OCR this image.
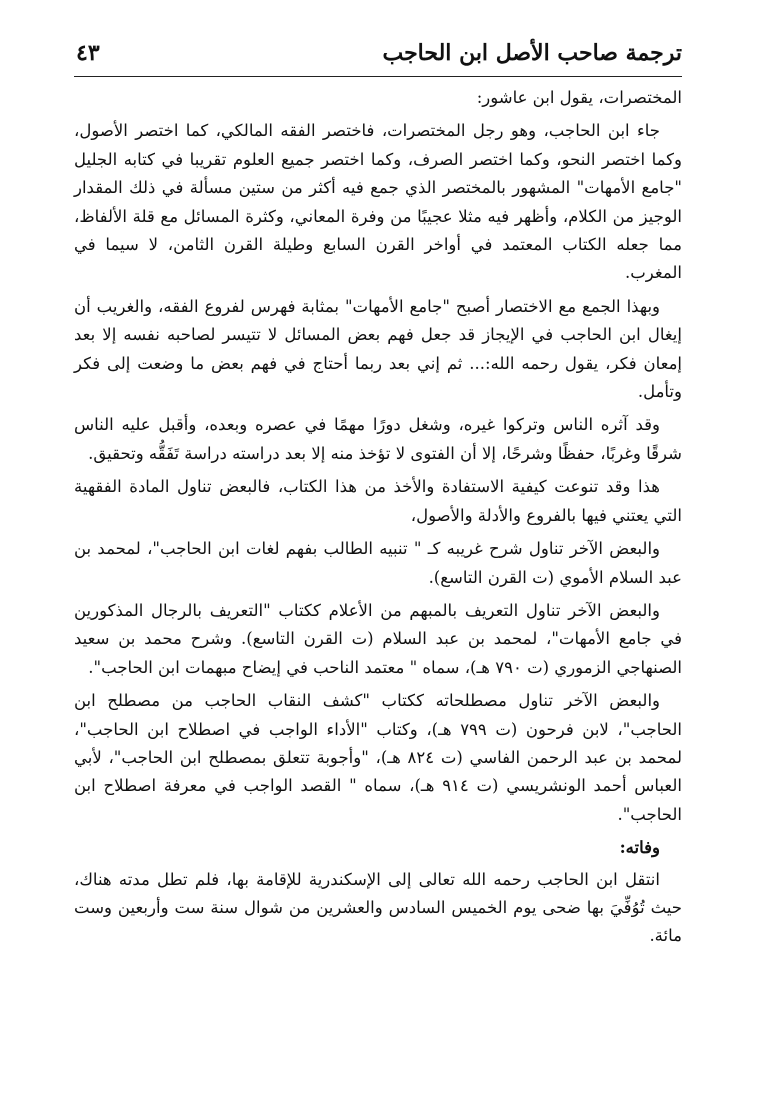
ترجمة صاحب الأصل ابن الحاجب
٤٣

المختصرات، يقول ابن عاشور:

جاء ابن الحاجب، وهو رجل المختصرات، فاختصر الفقه المالكي، كما اختصر الأصول، وكما اختصر النحو، وكما اختصر الصرف، وكما اختصر جميع العلوم تقريبا في كتابه الجليل "جامع الأمهات" المشهور بالمختصر الذي جمع فيه أكثر من ستين مسألة في ذلك المقدار الوجيز من الكلام، وأظهر فيه مثلا عجيبًا من وفرة المعاني، وكثرة المسائل مع قلة الألفاظ، مما جعله الكتاب المعتمد في أواخر القرن السابع وطيلة القرن الثامن، لا سيما في المغرب.

وبهذا الجمع مع الاختصار أصبح "جامع الأمهات" بمثابة فهرس لفروع الفقه، والغريب أن إيغال ابن الحاجب في الإيجاز قد جعل فهم بعض المسائل لا تتيسر لصاحبه نفسه إلا بعد إمعان فكر، يقول رحمه الله:... ثم إني بعد ربما أحتاج في فهم بعض ما وضعت إلى فكر وتأمل.

وقد آثره الناس وتركوا غيره، وشغل دورًا مهمًا في عصره وبعده، وأقبل عليه الناس شرقًا وغربًا، حفظًا وشرحًا، إلا أن الفتوى لا تؤخذ منه إلا بعد دراسته دراسة تَفَقُّه وتحقيق.

هذا وقد تنوعت كيفية الاستفادة والأخذ من هذا الكتاب، فالبعض تناول المادة الفقهية التي يعتني فيها بالفروع والأدلة والأصول،

والبعض الآخر تناول شرح غريبه كـ " تنبيه الطالب بفهم لغات ابن الحاجب"، لمحمد بن عبد السلام الأموي (ت القرن التاسع).

والبعض الآخر تناول التعريف بالمبهم من الأعلام ككتاب "التعريف بالرجال المذكورين في جامع الأمهات"، لمحمد بن عبد السلام (ت القرن التاسع). وشرح محمد بن سعيد الصنهاجي الزموري (ت ٧٩٠ هـ)، سماه " معتمد الناحب في إيضاح مبهمات ابن الحاجب".

والبعض الآخر تناول مصطلحاته ككتاب "كشف النقاب الحاجب من مصطلح ابن الحاجب"، لابن فرحون (ت ٧٩٩ هـ)، وكتاب "الأداء الواجب في اصطلاح ابن الحاجب"، لمحمد بن عبد الرحمن الفاسي (ت ٨٢٤ هـ)، "وأجوبة تتعلق بمصطلح ابن الحاجب"، لأبي العباس أحمد الونشريسي (ت ٩١٤ هـ)، سماه " القصد الواجب في معرفة اصطلاح ابن الحاجب".

وفاته:

انتقل ابن الحاجب رحمه الله تعالى إلى الإسكندرية للإقامة بها، فلم تطل مدته هناك، حيث تُوُفِّيَ بها ضحى يوم الخميس السادس والعشرين من شوال سنة ست وأربعين وست مائة.
